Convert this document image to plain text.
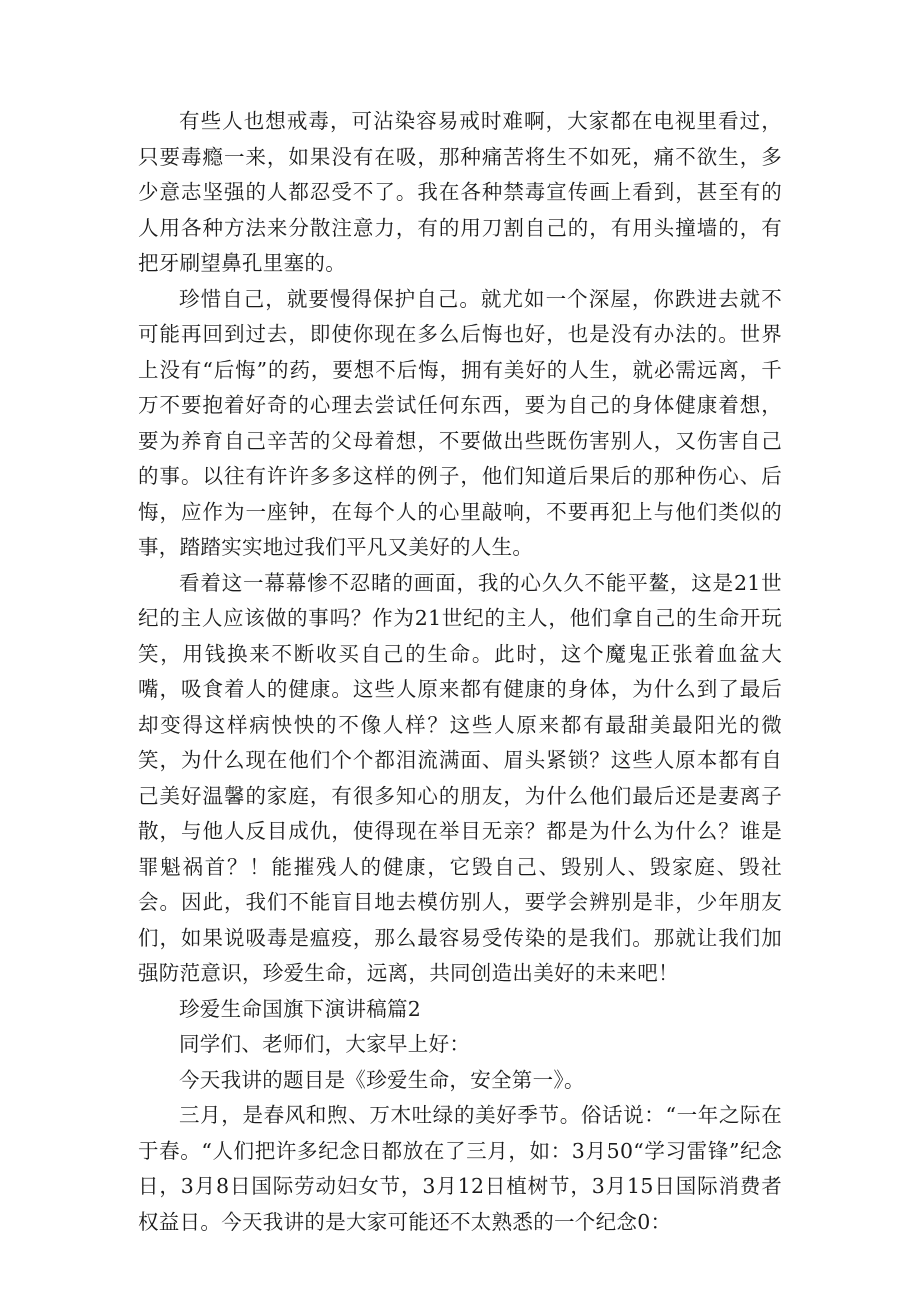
有些人也想戒毒，可沾染容易戒时难啊，大家都在电视里看过，只要毒瘾一来，如果没有在吸，那种痛苦将生不如死，痛不欲生，多少意志坚强的人都忍受不了。我在各种禁毒宣传画上看到，甚至有的人用各种方法来分散注意力，有的用刀割自己的，有用头撞墙的，有把牙刷望鼻孔里塞的。

珍惜自己，就要慢得保护自己。就尤如一个深屋，你跌进去就不可能再回到过去，即使你现在多么后悔也好，也是没有办法的。世界上没有“后悔”的药，要想不后悔，拥有美好的人生，就必需远离，千万不要抱着好奇的心理去尝试任何东西，要为自己的身体健康着想，要为养育自己辛苦的父母着想，不要做出些既伤害别人，又伤害自己的事。以往有许许多多这样的例子，他们知道后果后的那种伤心、后悔，应作为一座钟，在每个人的心里敲响，不要再犯上与他们类似的事，踏踏实实地过我们平凡又美好的人生。

看着这一幕幕惨不忍睹的画面，我的心久久不能平鳌，这是21世纪的主人应该做的事吗？作为21世纪的主人，他们拿自己的生命开玩笑，用钱换来不断收买自己的生命。此时，这个魔鬼正张着血盆大嘴，吸食着人的健康。这些人原来都有健康的身体，为什么到了最后却变得这样病怏怏的不像人样？这些人原来都有最甜美最阳光的微笑，为什么现在他们个个都泪流满面、眉头紧锁？这些人原本都有自己美好温馨的家庭，有很多知心的朋友，为什么他们最后还是妻离子散，与他人反目成仇，使得现在举目无亲？都是为什么为什么？谁是罪魁祸首？！能摧残人的健康，它毁自己、毁别人、毁家庭、毁社会。因此，我们不能盲目地去模仿别人，要学会辨别是非，少年朋友们，如果说吸毒是瘟疫，那么最容易受传染的是我们。那就让我们加强防范意识，珍爱生命，远离，共同创造出美好的未来吧！

珍爱生命国旗下演讲稿篇2

同学们、老师们，大家早上好：

今天我讲的题目是《珍爱生命，安全第一》。

三月，是春风和煦、万木吐绿的美好季节。俗话说：“一年之际在于春。“人们把许多纪念日都放在了三月，如：3月50“学习雷锋”纪念日，3月8日国际劳动妇女节，3月12日植树节，3月15日国际消费者权益日。今天我讲的是大家可能还不太熟悉的一个纪念0：
